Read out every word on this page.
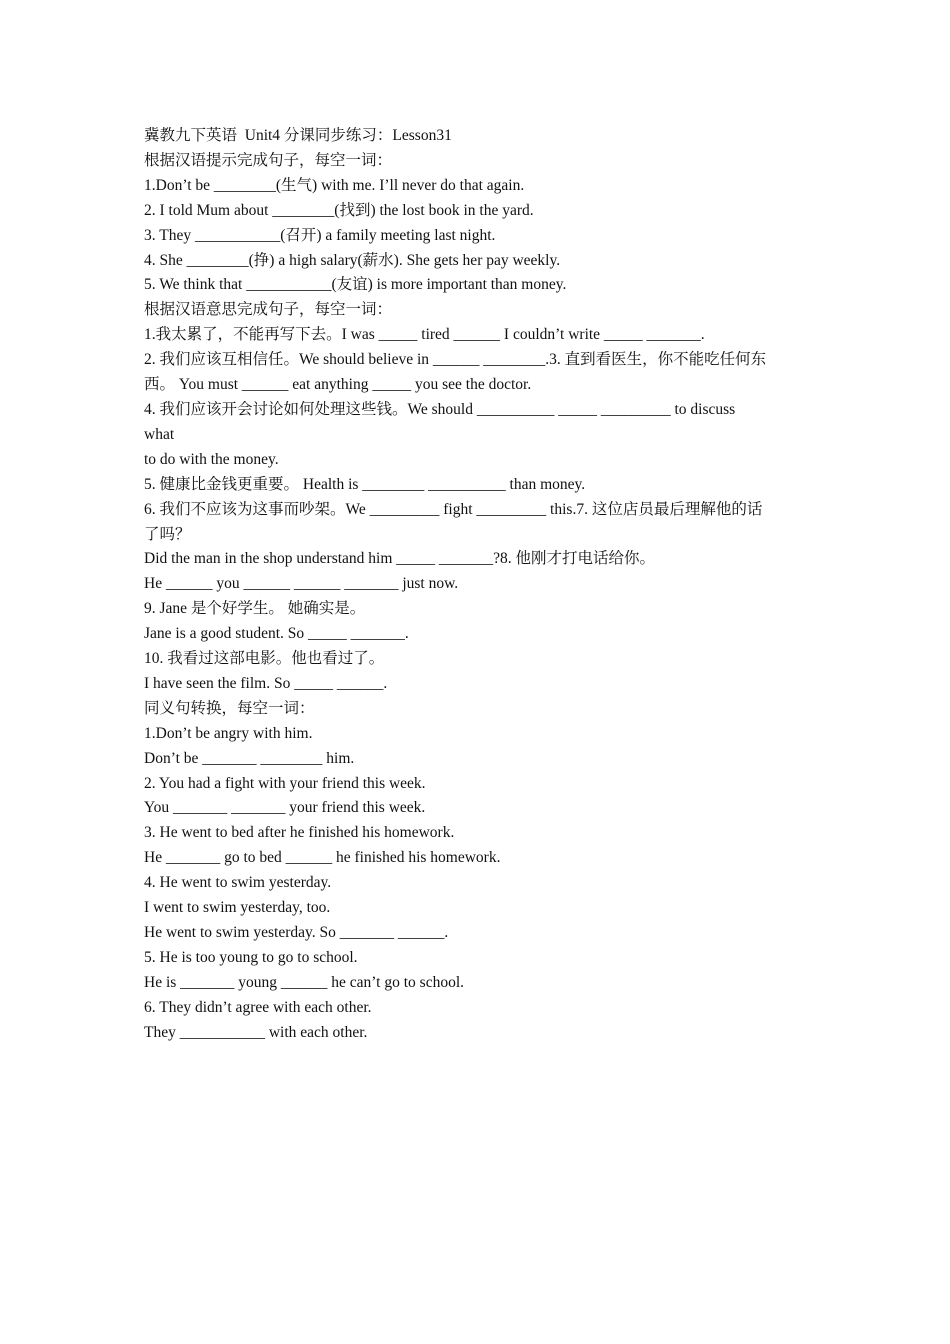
冀教九下英语  Unit4 分课同步练习：Lesson31

根据汉语提示完成句子，每空一词：

1.Don’t be ________(生气) with me. I’ll never do that again.

2. I told Mum about ________(找到) the lost book in the yard.

3. They ___________(召开) a family meeting last night.

4. She ________(挣) a high salary(薪水). She gets her pay weekly.

5. We think that ___________(友谊) is more important than money.

根据汉语意思完成句子，每空一词：

1.我太累了，不能再写下去。I was _____ tired ______ I couldn’t write _____ _______.

2. 我们应该互相信任。We should believe in ______ ________.3. 直到看医生，你不能吃任何东

西。 You must ______ eat anything _____ you see the doctor.

4. 我们应该开会讨论如何处理这些钱。We should __________ _____ _________ to discuss

what

to do with the money.

5. 健康比金钱更重要。 Health is ________ __________ than money.

6. 我们不应该为这事而吵架。We _________ fight _________ this.7. 这位店员最后理解他的话

了吗？

Did the man in the shop understand him _____ _______?8. 他刚才打电话给你。

He ______ you ______ ______ _______ just now.

9. Jane 是个好学生。 她确实是。

Jane is a good student. So _____ _______.

10. 我看过这部电影。他也看过了。

I have seen the film. So _____ ______.

同义句转换，每空一词：

1.Don’t be angry with him.

Don’t be _______ ________ him.

2. You had a fight with your friend this week.

You _______ _______ your friend this week.

3. He went to bed after he finished his homework.

He _______ go to bed ______ he finished his homework.

4. He went to swim yesterday.

I went to swim yesterday, too.

He went to swim yesterday. So _______ ______.

5. He is too young to go to school.

He is _______ young ______ he can’t go to school.

6. They didn’t agree with each other.

They ___________ with each other.
